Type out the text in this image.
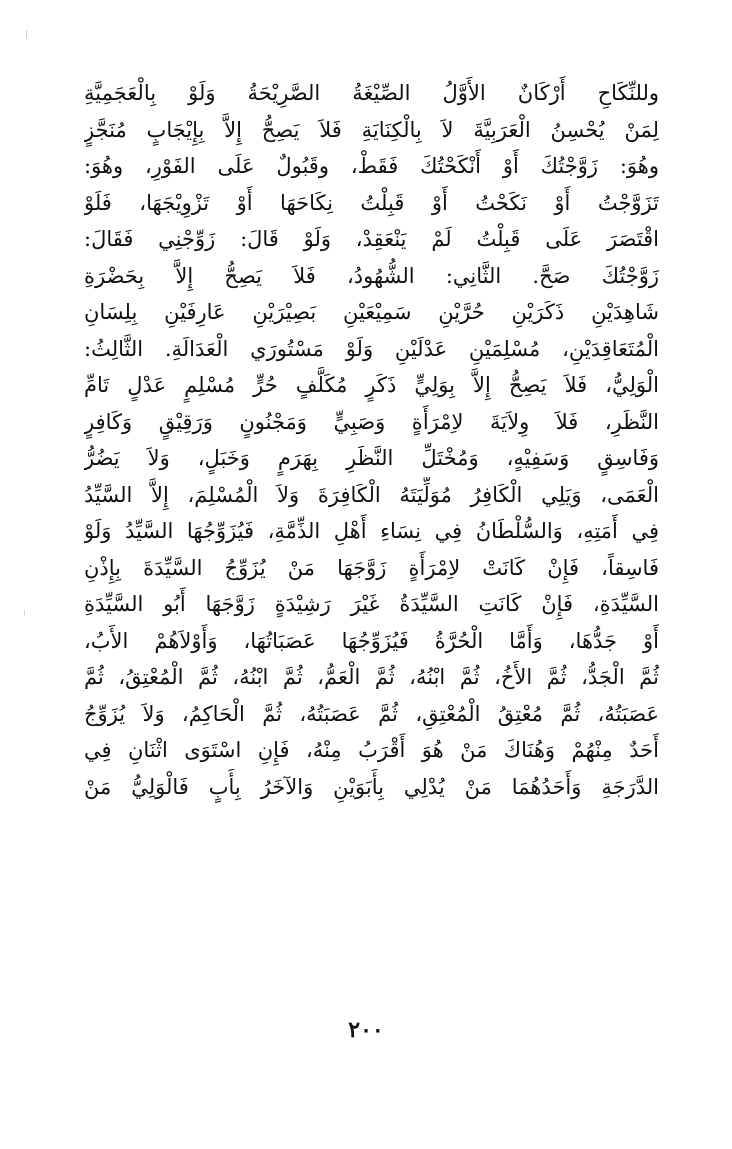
وللنِّكَاحِ أَرْكَانٌ الأَوَّلُ الصِّيْغَةُ الصَّرِيْحَةُ وَلَوْ بِالْعَجَمِيَّةِ
لِمَنْ يُحْسِنُ الْعَرَبِيَّةَ لاَ بِالْكِنَايَةِ فَلاَ يَصِحُّ إِلاَّ بِإِيْجَابٍ مُنَجَّزٍ
وهُوَ: زَوَّجْتُكَ أَوْ أَنْكَحْتُكَ فَقَطْ، وقَبُولٌ عَلَى الفَوْرِ، وهُوَ:
تَزَوَّجْتُ أَوْ نَكَحْتُ أَوْ قَبِلْتُ نِكَاحَهَا أَوْ تَزْوِيْجَهَا، فَلَوْ
اقْتَصَرَ عَلَى قَبِلْتُ لَمْ يَنْعَقِدْ، وَلَوْ قَالَ: زَوِّجْنِي فَقَالَ:
زَوَّجْتُكَ صَحَّ. الثَّانِي: الشُّهُودُ، فَلاَ يَصِحُّ إِلاَّ بِحَضْرَةِ
شَاهِدَيْنِ ذَكَرَيْنِ حُرَّيْنِ سَمِيْعَيْنِ بَصِيْرَيْنِ عَارِفَيْنِ بِلِسَانِ
الْمُتَعَاقِدَيْنِ، مُسْلِمَيْنِ عَدْلَيْنِ وَلَوْ مَسْتُورَي الْعَدَالَةِ. الثَّالِثُ:
الْوَلِيُّ، فَلاَ يَصِحُّ إِلاَّ بِوَلِيٍّ ذَكَرٍ مُكَلَّفٍ حُرٍّ مُسْلِمٍ عَدْلٍ تَامِّ
النَّظَرِ، فَلاَ وِلاَيَةَ لاِمْرَأَةٍ وَصَبِيٍّ وَمَجْنُونٍ وَرَقِيْقٍ وَكَافِرٍ
وَفَاسِقٍ وَسَفِيْهٍ، وَمُخْتَلِّ النَّظَرِ بِهَرَمٍ وَخَبَلٍ، وَلاَ يَضُرُّ
الْعَمَى، وَيَلِي الْكَافِرُ مُوَلِّيَتَهُ الْكَافِرَةَ وَلاَ الْمُسْلِمَ، إِلاَّ السَّيِّدُ
فِي أَمَتِهِ، وَالسُّلْطَانُ فِي نِسَاءِ أَهْلِ الذِّمَّةِ، فَيُزَوِّجُهَا السَّيِّدُ وَلَوْ
فَاسِقاً، فَإِنْ كَانَتْ لاِمْرَأَةٍ زَوَّجَهَا مَنْ يُزَوِّجُ السَّيِّدَةَ بِإِذْنِ
السَّيِّدَةِ، فَإِنْ كَانَتِ السَّيِّدَةُ غَيْرَ رَشِيْدَةٍ زَوَّجَهَا أَبُو السَّيِّدَةِ
أَوْ جَدُّهَا، وَأَمَّا الْحُرَّةُ فَيُزَوِّجُهَا عَصَبَاتُهَا، وَأَوْلاَهُمْ الأَبُ،
ثُمَّ الْجَدُّ، ثُمَّ الأَخُ، ثُمَّ ابْنُهُ، ثُمَّ الْعَمُّ، ثُمَّ ابْنُهُ، ثُمَّ الْمُعْتِقُ، ثُمَّ
عَصَبَتُهُ، ثُمَّ مُعْتِقُ الْمُعْتِقِ، ثُمَّ عَصَبَتُهُ، ثُمَّ الْحَاكِمُ، وَلاَ يُزَوِّجُ
أَحَدٌ مِنْهُمْ وَهُنَاكَ مَنْ هُوَ أَقْرَبُ مِنْهُ، فَإِنِ اسْتَوَى اثْنَانِ فِي
الدَّرَجَةِ وَأَحَدُهُمَا مَنْ يُدْلِي بِأَبَوَيْنِ وَالآخَرُ بِأَبٍ فَالْوَلِيُّ مَنْ
٢٠٠
